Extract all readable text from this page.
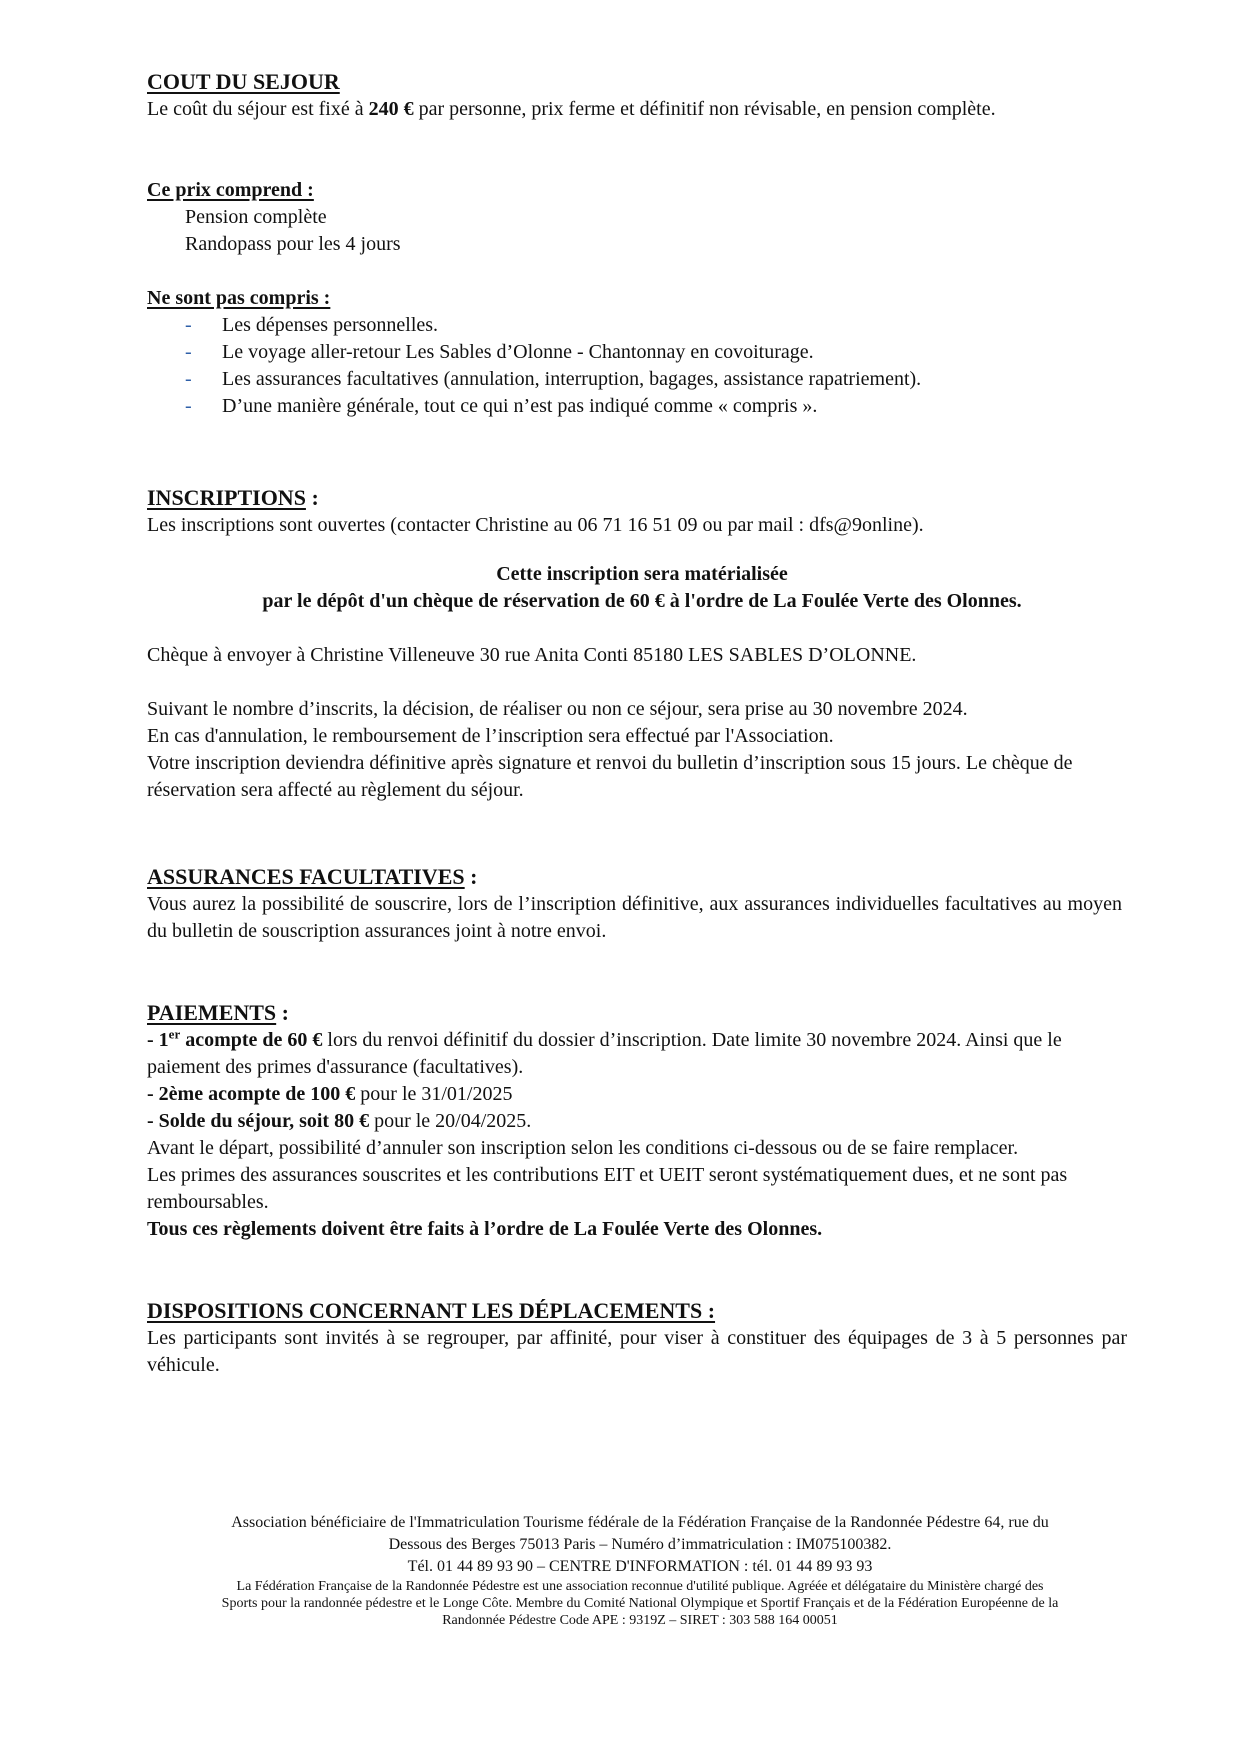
COUT DU SEJOUR

Le coût du séjour est fixé à 240 € par personne, prix ferme et définitif non révisable, en pension complète.

Ce prix comprend :

Pension complète

Randopass pour les 4 jours

Ne sont pas compris :

- Les dépenses personnelles.
- Le voyage aller-retour Les Sables d’Olonne - Chantonnay en covoiturage.
- Les assurances facultatives (annulation, interruption, bagages, assistance rapatriement).
- D’une manière générale, tout ce qui n’est pas indiqué comme « compris ».

INSCRIPTIONS :

Les inscriptions sont ouvertes (contacter Christine au 06 71 16 51 09 ou par mail : dfs@9online).

Cette inscription sera matérialisée

par le dépôt d'un chèque de réservation de 60 € à l'ordre de La Foulée Verte des Olonnes.

Chèque à envoyer à Christine Villeneuve 30 rue Anita Conti 85180 LES SABLES D’OLONNE.

Suivant le nombre d’inscrits, la décision, de réaliser ou non ce séjour, sera prise au 30 novembre 2024.

En cas d'annulation, le remboursement de l’inscription sera effectué par l'Association.

Votre inscription deviendra définitive après signature et renvoi du bulletin d’inscription sous 15 jours. Le chèque de réservation sera affecté au règlement du séjour.

ASSURANCES FACULTATIVES :

Vous aurez la possibilité de souscrire, lors de l’inscription définitive, aux assurances individuelles facultatives au moyen du bulletin de souscription assurances joint à notre envoi.

PAIEMENTS :

- 1er acompte de 60 € lors du renvoi définitif du dossier d’inscription. Date limite 30 novembre 2024. Ainsi que le paiement des primes d'assurance (facultatives).

- 2ème acompte de 100 € pour le 31/01/2025

- Solde du séjour, soit 80 € pour le 20/04/2025.

Avant le départ, possibilité d’annuler son inscription selon les conditions ci-dessous ou de se faire remplacer.

Les primes des assurances souscrites et les contributions EIT et UEIT seront systématiquement dues, et ne sont pas remboursables.

Tous ces règlements doivent être faits à l’ordre de La Foulée Verte des Olonnes.

DISPOSITIONS CONCERNANT LES DÉPLACEMENTS :

Les participants sont invités à se regrouper, par affinité, pour viser à constituer des équipages de 3 à 5 personnes par véhicule.

Association bénéficiaire de l'Immatriculation Tourisme fédérale de la Fédération Française de la Randonnée Pédestre 64, rue du

Dessous des Berges 75013 Paris – Numéro d’immatriculation : IM075100382.

Tél. 01 44 89 93 90 – CENTRE D'INFORMATION : tél. 01 44 89 93 93

La Fédération Française de la Randonnée Pédestre est une association reconnue d'utilité publique. Agréée et délégataire du Ministère chargé des

Sports pour la randonnée pédestre et le Longe Côte. Membre du Comité National Olympique et Sportif Français et de la Fédération Européenne de la

Randonnée Pédestre Code APE : 9319Z – SIRET : 303 588 164 00051
